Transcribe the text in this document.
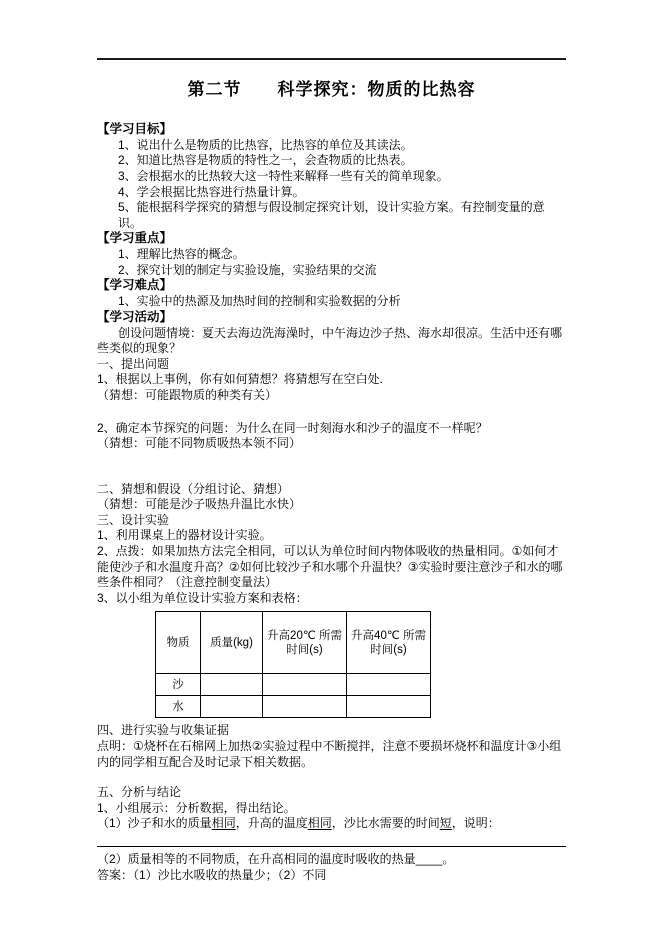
第二节　　科学探究：物质的比热容
【学习目标】
1、说出什么是物质的比热容，比热容的单位及其读法。
2、知道比热容是物质的特性之一，会查物质的比热表。
3、会根据水的比热较大这一特性来解释一些有关的简单现象。
4、学会根据比热容进行热量计算。
5、能根据科学探究的猜想与假设制定探究计划，设计实验方案。有控制变量的意识。
【学习重点】
1、理解比热容的概念。
2、探究计划的制定与实验设施，实验结果的交流
【学习难点】
1、实验中的热源及加热时间的控制和实验数据的分析
【学习活动】
创设问题情境：夏天去海边洗海澡时，中午海边沙子热、海水却很凉。生活中还有哪些类似的现象？
一、提出问题
1、根据以上事例，你有如何猜想？将猜想写在空白处.
（猜想：可能跟物质的种类有关）
2、确定本节探究的问题：为什么在同一时刻海水和沙子的温度不一样呢？
（猜想：可能不同物质吸热本领不同）
二、猜想和假设（分组讨论、猜想）
（猜想：可能是沙子吸热升温比水快）
三、设计实验
1、利用课桌上的器材设计实验。
2、点拨：如果加热方法完全相同，可以认为单位时间内物体吸收的热量相同。①如何才能使沙子和水温度升高？②如何比较沙子和水哪个升温快？③实验时要注意沙子和水的哪些条件相同？（注意控制变量法）
3、以小组为单位设计实验方案和表格：
物质	质量(kg)	升高20℃ 所需时间(s)	升高40℃ 所需时间(s)
沙			
水			
四、进行实验与收集证据
点明：①烧杯在石棉网上加热②实验过程中不断搅拌，注意不要损坏烧杯和温度计③小组内的同学相互配合及时记录下相关数据。
五、分析与结论
1、小组展示：分析数据，得出结论。
（1）沙子和水的质量相同，升高的温度相同，沙比水需要的时间短，说明：
（2）质量相等的不同物质，在升高相同的温度时吸收的热量____。
答案：（1）沙比水吸收的热量少；（2）不同
